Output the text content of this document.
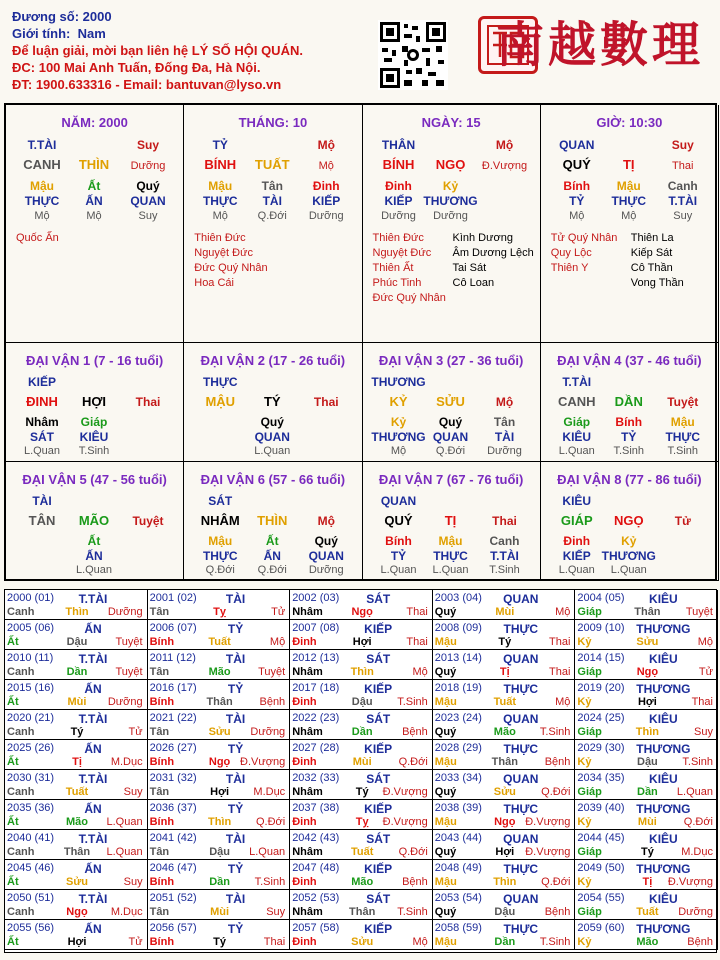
Đương số: 2000
Giới tính: Nam
Để luận giải, mời bạn liên hệ LÝ SỐ HỘI QUÁN.
ĐC: 100 Mai Anh Tuấn, Đống Đa, Hà Nội.
ĐT: 1900.633316 - Email: bantuvan@lyso.vn
南越數理
NĂM: 2000
T.TÀI
CANH THÌN
Suy
Dưỡng
Mậu
THỰC
Mộ
Ất
ẤN
Mộ
Quý
QUAN
Suy
Quốc Ấn
THÁNG: 10
TỶ
BÍNH TUẤT
Mộ
Mộ
Mậu
THỰC
Mộ
Tân
TÀI
Q.Đới
Đinh
KIẾP
Dưỡng
Thiên Đức
Nguyệt Đức
Đức Quý Nhân
Hoa Cái
NGÀY: 15
THÂN
BÍNH NGỌ
Mộ
Đ.Vượng
Đinh
KIẾP
Dưỡng
Kỷ
THƯƠNG
Dưỡng
Thiên Đức
Nguyệt Đức
Thiên Ất
Phúc Tinh
Đức Quý Nhân
Kình Dương
Âm Dương Lệch
Tai Sát
Cô Loan
GIỜ: 10:30
QUAN
QUÝ TỊ
Suy
Thai
Bính
TỶ
Mộ
Mậu
THỰC
Mộ
Canh
T.TÀI
Suy
Tử Quý Nhân
Quy Lộc
Thiên Y
Thiên La
Kiếp Sát
Cô Thần
Vong Thần
ĐẠI VẬN 1 (7 - 16 tuổi)
KIẾP
ĐINH HỢI Thai
Nhâm
SÁT
L.Quan
Giáp
KIÊU
T.Sinh
ĐẠI VẬN 2 (17 - 26 tuổi)
THỰC
MẬU TÝ	Thai
Quý
QUAN
L.Quan
ĐẠI VẬN 3 (27 - 36 tuổi)
THƯƠNG
KỶ SỬU	Mộ
Kỷ
THƯƠNG
Mộ
Quý
QUAN
Q.Đới
Tân
TÀI
Dưỡng
ĐẠI VẬN 4 (37 - 46 tuổi)
T.TÀI
CANH DẦN Tuyệt
Giáp
KIÊU
L.Quan
Bính
TỶ
T.Sinh
Mậu
THỰC
T.Sinh
ĐẠI VẬN 5 (47 - 56 tuổi)
TÀI
TÂN MÃO Tuyệt
Ất
ẤN
L.Quan
ĐẠI VẬN 6 (57 - 66 tuổi)
SÁT
NHÂM THÌN	Mộ
Mậu
THỰC
Q.Đới
Ất
ẤN
Q.Đới
Quý
QUAN
Dưỡng
ĐẠI VẬN 7 (67 - 76 tuổi)
QUAN
QUÝ TỊ	Thai
Bính
TỶ
L.Quan
Mậu
THỰC
L.Quan
Canh
T.TÀI
T.Sinh
ĐẠI VẬN 8 (77 - 86 tuổi)
KIÊU
GIÁP NGỌ	Tử
Đinh
KIẾP
L.Quan
Kỷ
THƯƠNG
L.Quan
2000 (01) T.TÀI
Canh	Thìn Dưỡng
2001 (02) TÀI
Tân	Tỵ	Tử
2002 (03) SÁT
Nhâm	Ngọ	Thai
2003 (04) QUAN
Quý	Mùi	Mộ
2004 (05) KIÊU
Giáp	Thân Tuyệt
2005 (06)	ẤN
Ất	Dậu	Tuyệt
2006 (07)	TỶ
Bính	Tuất	Mộ
2007 (08) KIẾP
Đinh	Hợi	Thai
2008 (09) THỰC
Mậu	Tý	Thai
2009 (10) THƯƠNG
Kỷ	Sửu	Mộ
2010 (11) T.TÀI
Canh	Dần	Tuyệt
2011 (12)	TÀI
Tân	Mão Tuyệt
2012 (13) SÁT
Nhâm	Thìn	Mộ
2013 (14) QUAN
Quý	Tị	Thai
2014 (15) KIÊU
Giáp	Ngọ	Tử
2015 (16)	ẤN
Ất	Mùi Dưỡng
2016 (17)	TỶ
Bính	Thân Bệnh
2017 (18) KIẾP
Đinh	Dậu T.Sinh
2018 (19) THỰC
Mậu	Tuất	Mộ
2019 (20) THƯƠNG
Kỷ	Hợi	Thai
2020 (21) T.TÀI
Canh	Tý	Tử
2021 (22) TÀI
Tân	Sửu Dưỡng
2022 (23) SÁT
Nhâm	Dần	Bệnh
2023 (24) QUAN
Quý	Mão T.Sinh
2024 (25) KIÊU
Giáp	Thìn	Suy
2025 (26)	ẤN
Ất	Tị	M.Dục
2026 (27)	TỶ
Bính	Ngọ Đ.Vượng
2027 (28) KIẾP
Đinh	Mùi Q.Đới
2028 (29) THỰC
Mậu	Thân Bệnh
2029 (30) THƯƠNG
Kỷ	Dậu T.Sinh
2030 (31) T.TÀI
Canh	Tuất	Suy
2031 (32) TÀI
Tân	Hợi M.Dục
2032 (33) SÁT
Nhâm	Tý Đ.Vượng
2033 (34) QUAN
Quý	Sửu Q.Đới
2034 (35) KIÊU
Giáp	Dần L.Quan
2035 (36)	ẤN
Ất	Mão L.Quan
2036 (37)	TỶ
Bính	Thìn Q.Đới
2037 (38) KIẾP
Đinh	Tỵ Đ.Vượng
2038 (39) THỰC
Mậu	Ngọ Đ.Vượng
2039 (40) THƯƠNG
Kỷ	Mùi Q.Đới
2040 (41) T.TÀI
Canh	Thân L.Quan
2041 (42) TÀI
Tân	Dậu L.Quan
2042 (43) SÁT
Nhâm	Tuất Q.Đới
2043 (44) QUAN
Quý	Hợi Đ.Vượng
2044 (45) KIÊU
Giáp	Tý M.Dục
2045 (46)	ẤN
Ất	Sửu	Suy
2046 (47)	TỶ
Bính	Dần T.Sinh
2047 (48) KIẾP
Đinh	Mão	Bệnh
2048 (49) THỰC
Mậu	Thìn Q.Đới
2049 (50) THƯƠNG
Kỷ	Tị Đ.Vượng
2050 (51) T.TÀI
Canh	Ngọ M.Dục
2051 (52) TÀI
Tân	Mùi	Suy
2052 (53) SÁT
Nhâm Thân T.Sinh
2053 (54) QUAN
Quý	Dậu	Bệnh
2054 (55) KIÊU
Giáp	Tuất Dưỡng
2055 (56)	ẤN
Ất	Hợi	Tử
2056 (57)	TỶ
Bính	Tý	Thai
2057 (58) KIẾP
Đinh	Sửu	Mộ
2058 (59) THỰC
Mậu	Dần T.Sinh
2059 (60) THƯƠNG
Kỷ	Mão	Bệnh
